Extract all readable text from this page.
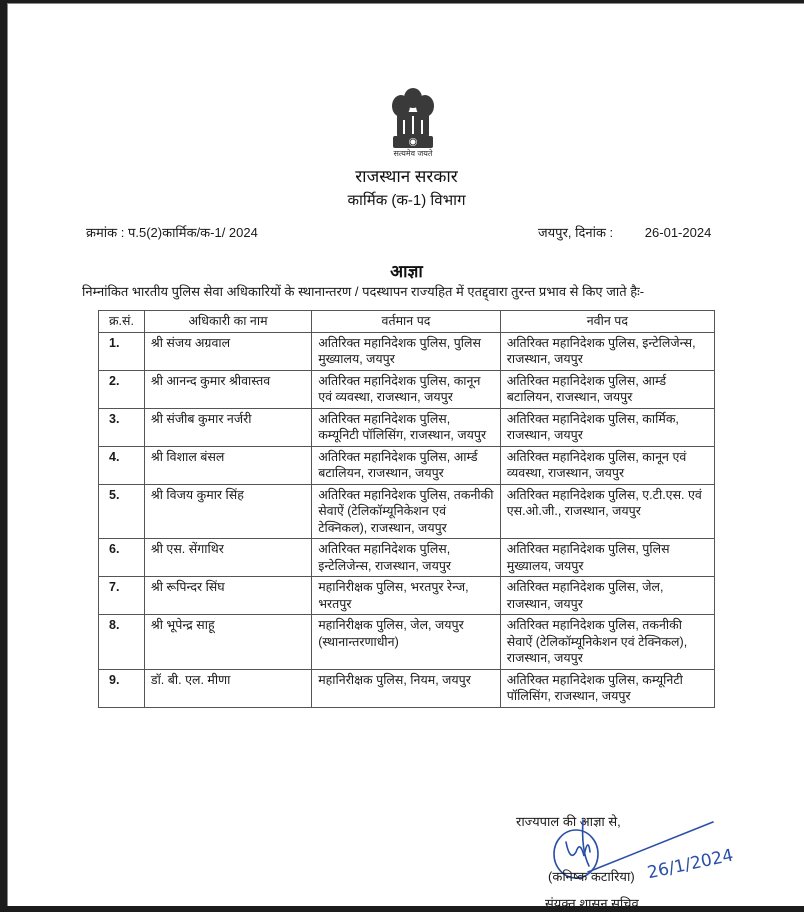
सत्यमेव जयते
राजस्थान सरकार
कार्मिक (क-1) विभाग
क्रमांक : प.5(2)कार्मिक/क-1/ 2024	जयपुर, दिनांक : 26-01-2024
आज्ञा
निम्नांकित भारतीय पुलिस सेवा अधिकारियों के स्थानान्तरण / पदस्थापन राज्यहित में एतद्द्वारा तुरन्त प्रभाव से किए जाते हैः-
क्र.सं.	अधिकारी का नाम	वर्तमान पद	नवीन पद
1.	श्री संजय अग्रवाल	अतिरिक्त महानिदेशक पुलिस, पुलिस मुख्यालय, जयपुर	अतिरिक्त महानिदेशक पुलिस, इन्टेलिजेन्स, राजस्थान, जयपुर
2.	श्री आनन्द कुमार श्रीवास्तव	अतिरिक्त महानिदेशक पुलिस, कानून एवं व्यवस्था, राजस्थान, जयपुर	अतिरिक्त महानिदेशक पुलिस, आर्म्ड बटालियन, राजस्थान, जयपुर
3.	श्री संजीब कुमार नर्जरी	अतिरिक्त महानिदेशक पुलिस, कम्यूनिटी पॉलिसिंग, राजस्थान, जयपुर	अतिरिक्त महानिदेशक पुलिस, कार्मिक, राजस्थान, जयपुर
4.	श्री विशाल बंसल	अतिरिक्त महानिदेशक पुलिस, आर्म्ड बटालियन, राजस्थान, जयपुर	अतिरिक्त महानिदेशक पुलिस, कानून एवं व्यवस्था, राजस्थान, जयपुर
5.	श्री विजय कुमार सिंह	अतिरिक्त महानिदेशक पुलिस, तकनीकी सेवाऐं (टेलिकॉम्यूनिकेशन एवं टेक्निकल), राजस्थान, जयपुर	अतिरिक्त महानिदेशक पुलिस, ए.टी.एस. एवं एस.ओ.जी., राजस्थान, जयपुर
6.	श्री एस. सेंगाथिर	अतिरिक्त महानिदेशक पुलिस, इन्टेलिजेन्स, राजस्थान, जयपुर	अतिरिक्त महानिदेशक पुलिस, पुलिस मुख्यालय, जयपुर
7.	श्री रूपिन्दर सिंघ	महानिरीक्षक पुलिस, भरतपुर रेन्ज, भरतपुर	अतिरिक्त महानिदेशक पुलिस, जेल, राजस्थान, जयपुर
8.	श्री भूपेन्द्र साहू	महानिरीक्षक पुलिस, जेल, जयपुर (स्थानान्तरणाधीन)	अतिरिक्त महानिदेशक पुलिस, तकनीकी सेवाऐं (टेलिकॉम्यूनिकेशन एवं टेक्निकल), राजस्थान, जयपुर
9.	डॉ. बी. एल. मीणा	महानिरीक्षक पुलिस, नियम, जयपुर	अतिरिक्त महानिदेशक पुलिस, कम्यूनिटी पॉलिसिंग, राजस्थान, जयपुर
राज्यपाल की आज्ञा से,
26/1/2024
(कनिष्क कटारिया)
संयुक्त शासन सचिव
